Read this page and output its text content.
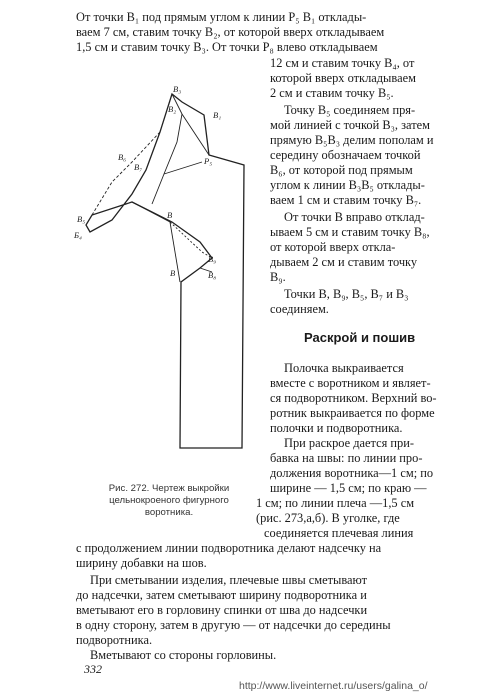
От точки B₁ под прямым углом к линии P₅ B₁ отклады-

ваем 7 см, ставим точку B₂, от которой вверх откладываем

1,5 см и ставим точку B₃. От точки P₈ влево откладываем

12 см и ставим точку B₄, от

которой вверх откладываем

2 см и ставим точку B₅.

Точку B₅ соединяем пря-

мой линией с точкой B₃, затем

прямую B₅B₃ делим пополам и

середину обозначаем точкой

B₆, от которой под прямым

углом к линии B₃B₅ отклады-

ваем 1 см и ставим точку B₇.

От точки B вправо отклад-

ываем 5 см и ставим точку B₈,

от которой вверх откла-

дываем 2 см и ставим точку

B₉.

Точки B, B₉, B₅, B₇ и B₃

соединяем.

Раскрой и пошив

Полочка выкраивается

вместе с воротником и являет-

ся подворотником. Верхний во-

ротник выкраивается по форме

полочки и подворотника.

При раскрое дается при-

бавка на швы: по линии про-

должения воротника—1 см; по

ширине — 1,5 см; по краю —

1 см; по линии плеча —1,5 см

(рис. 273,а,б). В уголке, где

соединяется плечевая линия

B₃
B₂
B₁
P₅
B₆
B₇
B₅
Б₄
B
B₉
B₈
B
Рис. 272. Чертеж выкройки
цельнокроеного фигурного
воротника.

с продолжением линии подворотника делают надсечку на

ширину добавки на шов.

При сметывании изделия, плечевые швы сметывают

до надсечки, затем сметывают ширину подворотника и

вметывают его в горловину спинки от шва до надсечки

в одну сторону, затем в другую — от надсечки до середины

подворотника.

Вметывают со стороны горловины.

332
http://www.liveinternet.ru/users/galina_o/
